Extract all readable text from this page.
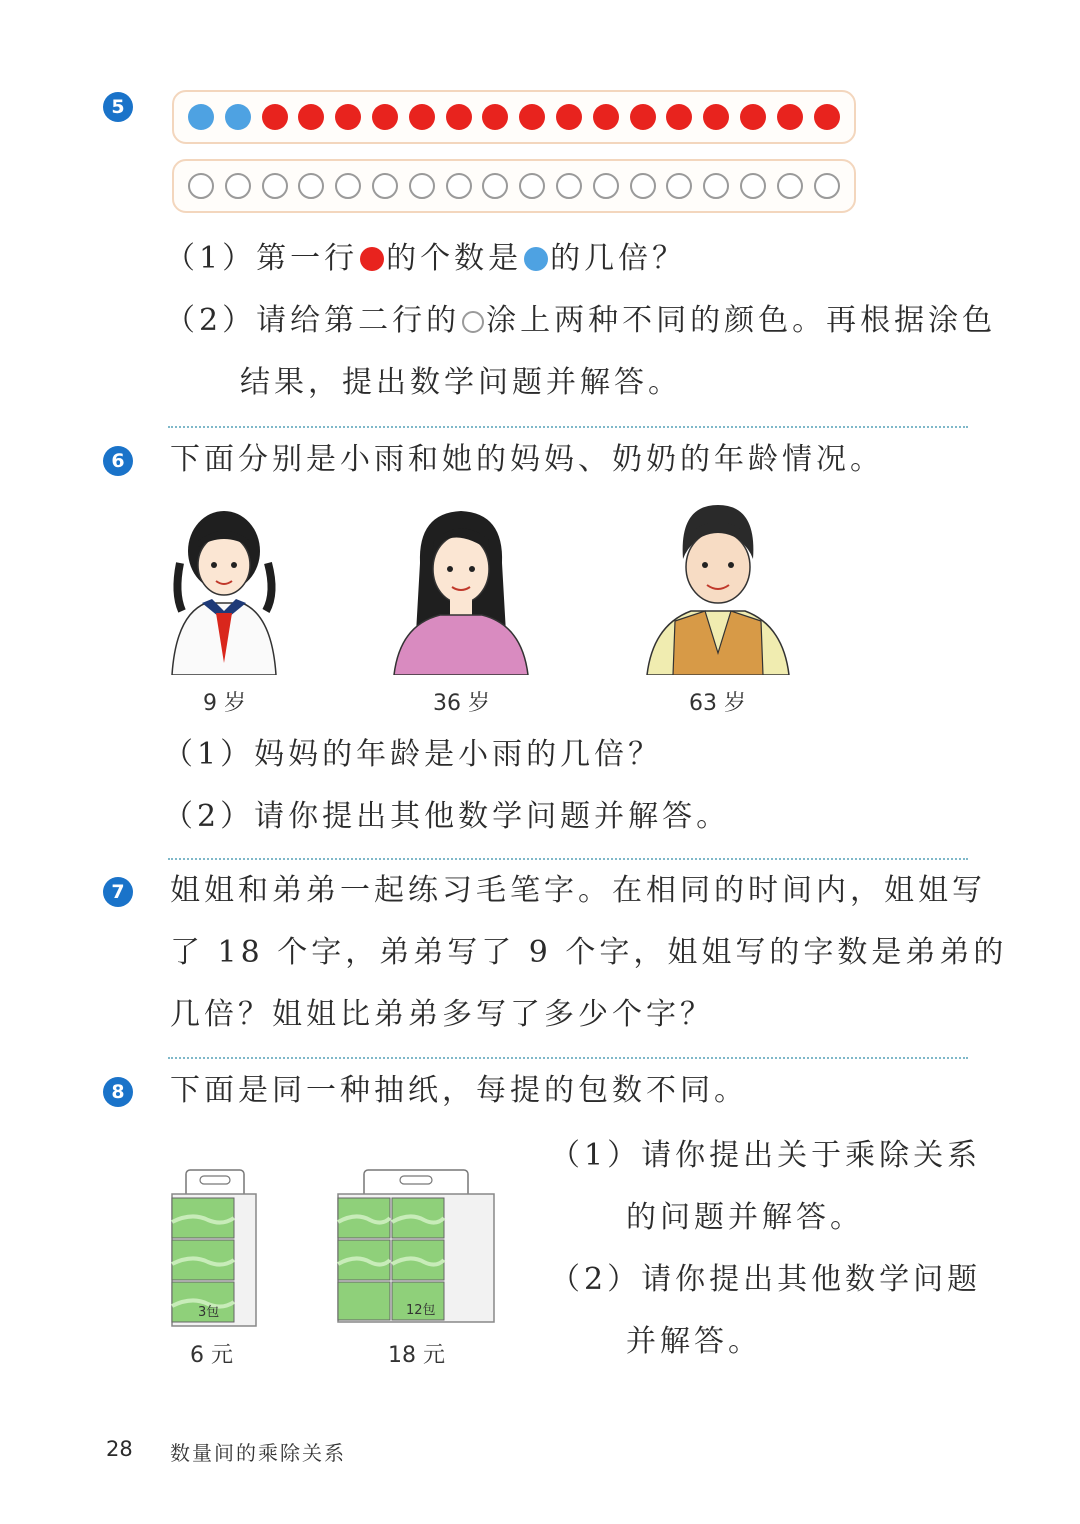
5
（1）第一行 的个数是 的几倍？
（2）请给第二行的 涂上两种不同的颜色。再根据涂色
结果，提出数学问题并解答。
6 下面分别是小雨和她的妈妈、奶奶的年龄情况。
9 岁	36 岁	63 岁
（1）妈妈的年龄是小雨的几倍？
（2）请你提出其他数学问题并解答。
7 姐姐和弟弟一起练习毛笔字。在相同的时间内，姐姐写
了 18 个字，弟弟写了 9 个字，姐姐写的字数是弟弟的
几倍？姐姐比弟弟多写了多少个字？
8 下面是同一种抽纸，每提的包数不同。
3包
6 元
12包
18 元
（1）请你提出关于乘除关系
的问题并解答。
（2）请你提出其他数学问题
并解答。
28 数量间的乘除关系
